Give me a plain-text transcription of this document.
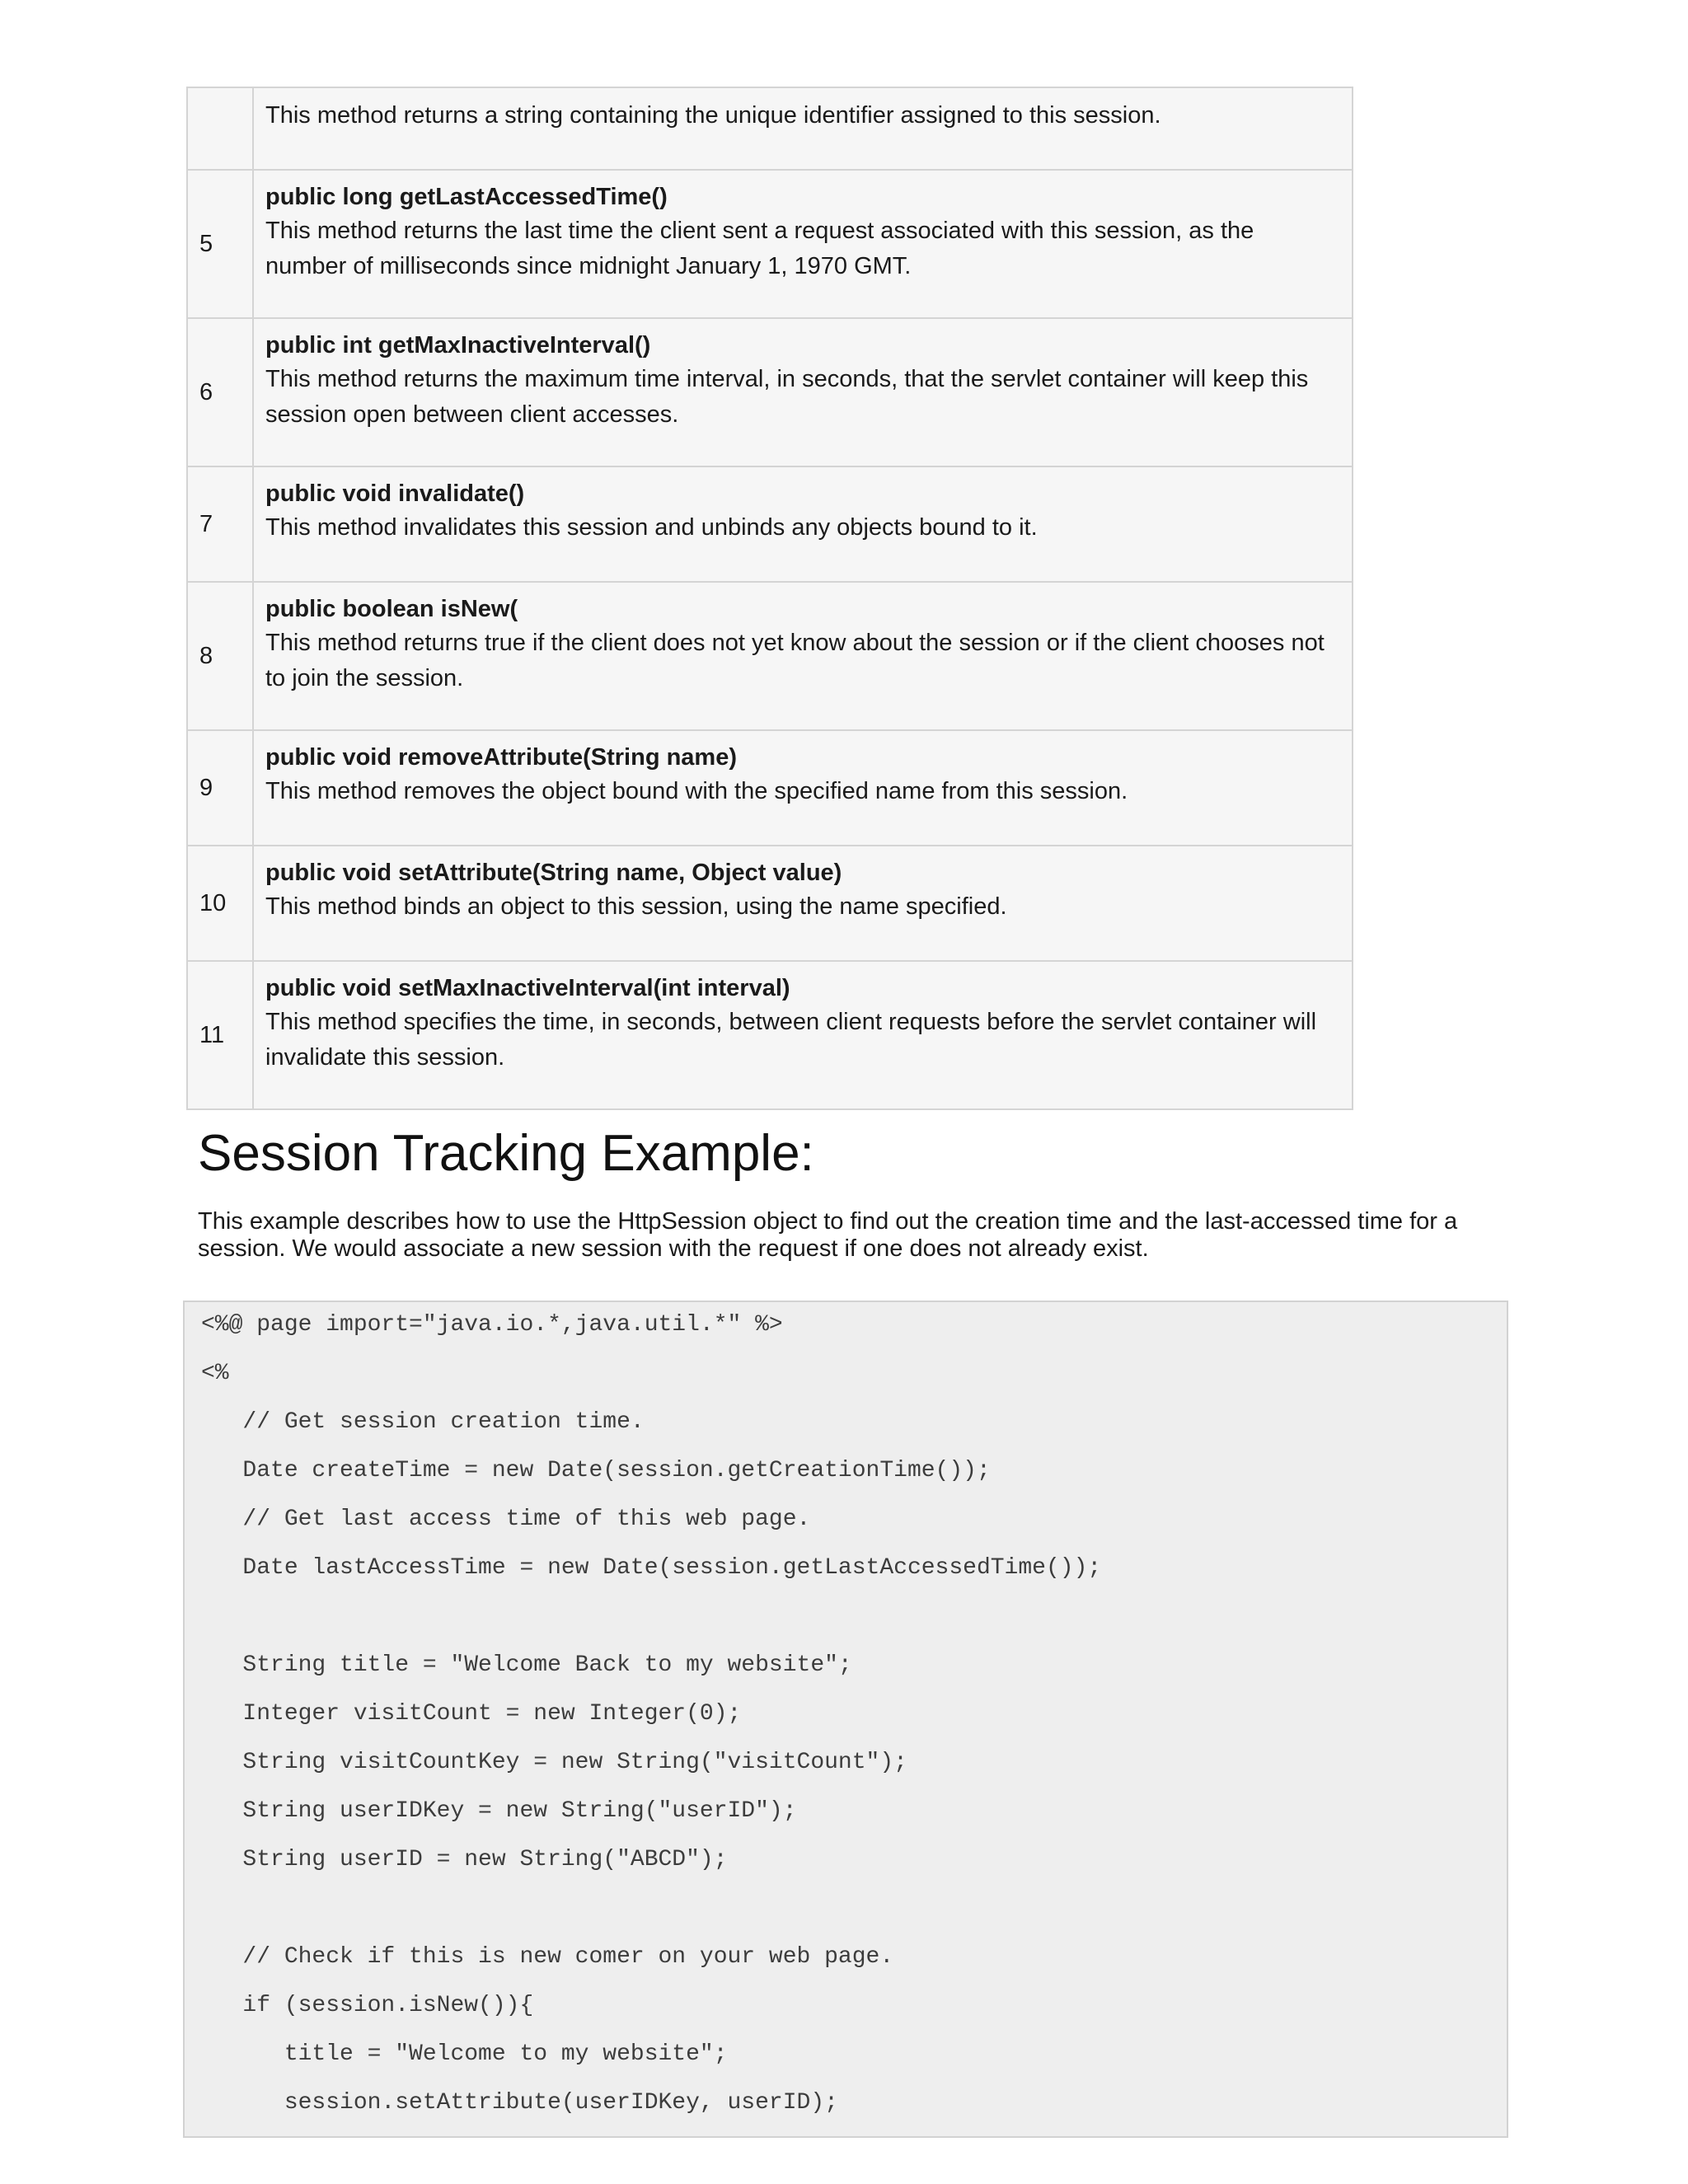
	This method returns a string containing the unique identifier assigned to this session.

5	public long getLastAccessedTime()
This method returns the last time the client sent a request associated with this session, as the number of milliseconds since midnight January 1, 1970 GMT.

6	public int getMaxInactiveInterval()
This method returns the maximum time interval, in seconds, that the servlet container will keep this session open between client accesses.

7	public void invalidate()
This method invalidates this session and unbinds any objects bound to it.

8	public boolean isNew(
This method returns true if the client does not yet know about the session or if the client chooses not to join the session.

9	public void removeAttribute(String name)
This method removes the object bound with the specified name from this session.

10	public void setAttribute(String name, Object value)
This method binds an object to this session, using the name specified.

11	public void setMaxInactiveInterval(int interval)
This method specifies the time, in seconds, between client requests before the servlet container will invalidate this session.
Session Tracking Example:

This example describes how to use the HttpSession object to find out the creation time and the last-accessed time for a session. We would associate a new session with the request if one does not already exist.

<%@ page import="java.io.*,java.util.*" %>
<%
// Get session creation time.
Date createTime = new Date(session.getCreationTime());
// Get last access time of this web page.
Date lastAccessTime = new Date(session.getLastAccessedTime());
String title = "Welcome Back to my website";
Integer visitCount = new Integer(0);
String visitCountKey = new String("visitCount");
String userIDKey = new String("userID");
String userID = new String("ABCD");
// Check if this is new comer on your web page.
if (session.isNew()){
title = "Welcome to my website";
session.setAttribute(userIDKey, userID);
